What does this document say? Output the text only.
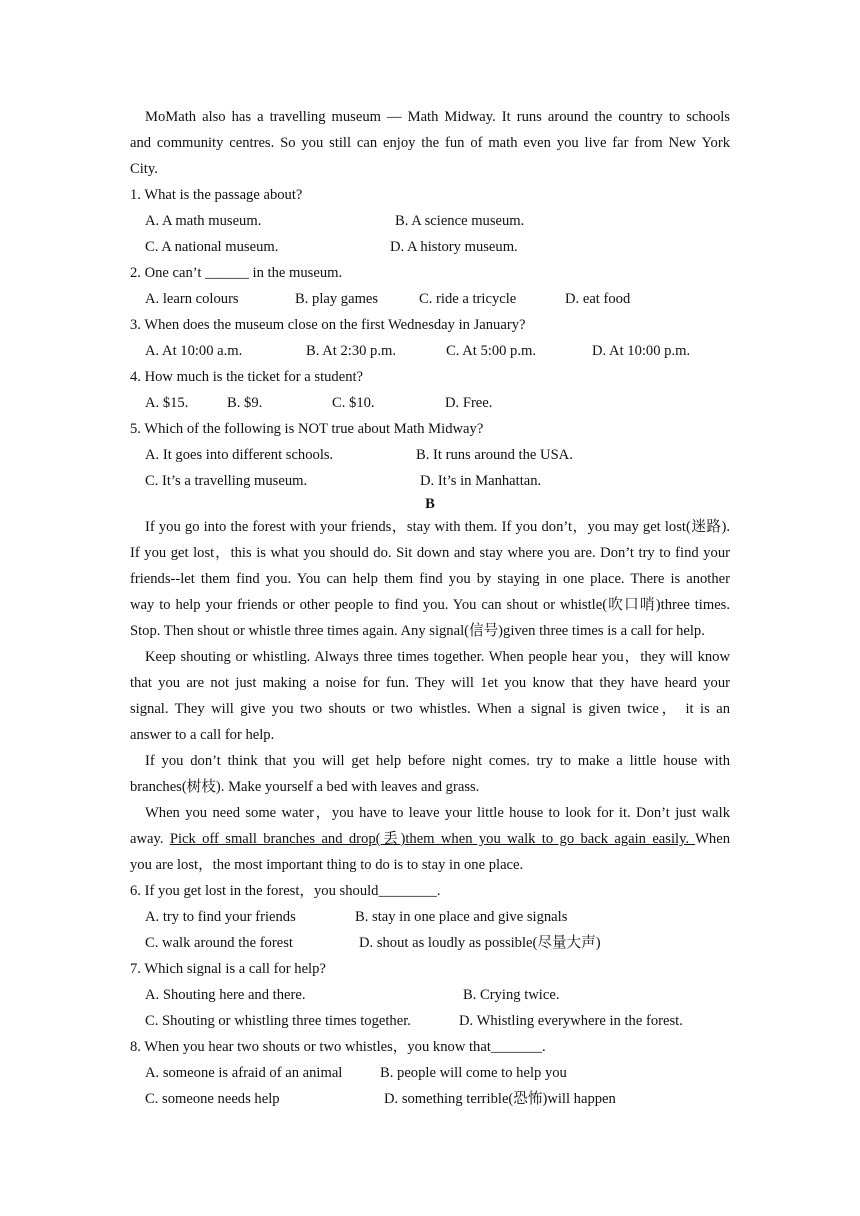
MoMath also has a travelling museum — Math Midway. It runs around the country to schools
and community centres. So you still can enjoy the fun of math even you live far from New York
City.
1. What is the passage about?
A. A math museum.	B. A science museum.
C. A national museum.	D. A history museum.
2. One can’t ______ in the museum.
A. learn colours	B. play games	C. ride a tricycle	D. eat food
3. When does the museum close on the first Wednesday in January?
A. At 10:00 a.m.	B. At 2:30 p.m.	C. At 5:00 p.m.	D. At 10:00 p.m.
4. How much is the ticket for a student?
A. $15.	B. $9.	C. $10.	D. Free.
5. Which of the following is NOT true about Math Midway?
A. It goes into different schools.	B. It runs around the USA.
C. It’s a travelling museum.	D. It’s in Manhattan.
B
If you go into the forest with your friends，stay with them. If you don’t，you may get lost(迷路).
If you get lost，this is what you should do. Sit down and stay where you are. Don’t try to find your
friends--let them find you. You can help them find you by staying in one place. There is another
way to help your friends or other people to find you. You can shout or whistle(吹口哨)three times.
Stop. Then shout or whistle three times again. Any signal(信号)given three times is a call for help.
Keep shouting or whistling. Always three times together. When people hear you，they will know
that you are not just making a noise for fun. They will 1et you know that they have heard your
signal. They will give you two shouts or two whistles. When a signal is given twice， it is an
answer to a call for help.
If you don’t think that you will get help before night comes. try to make a little house with
branches(树枝). Make yourself a bed with leaves and grass.
When you need some water，you have to leave your little house to look for it. Don’t just walk
away. Pick off small branches and drop(丢)them when you walk to go back again easily. When
you are lost，the most important thing to do is to stay in one place.
6. If you get lost in the forest，you should________.
A. try to find your friends	B. stay in one place and give signals
C. walk around the forest	D. shout as loudly as possible(尽量大声)
7. Which signal is a call for help?
A. Shouting here and there.	B. Crying twice.
C. Shouting or whistling three times together.	D. Whistling everywhere in the forest.
8. When you hear two shouts or two whistles，you know that_______.
A. someone is afraid of an animal	B. people will come to help you
C. someone needs help	D. something terrible(恐怖)will happen
